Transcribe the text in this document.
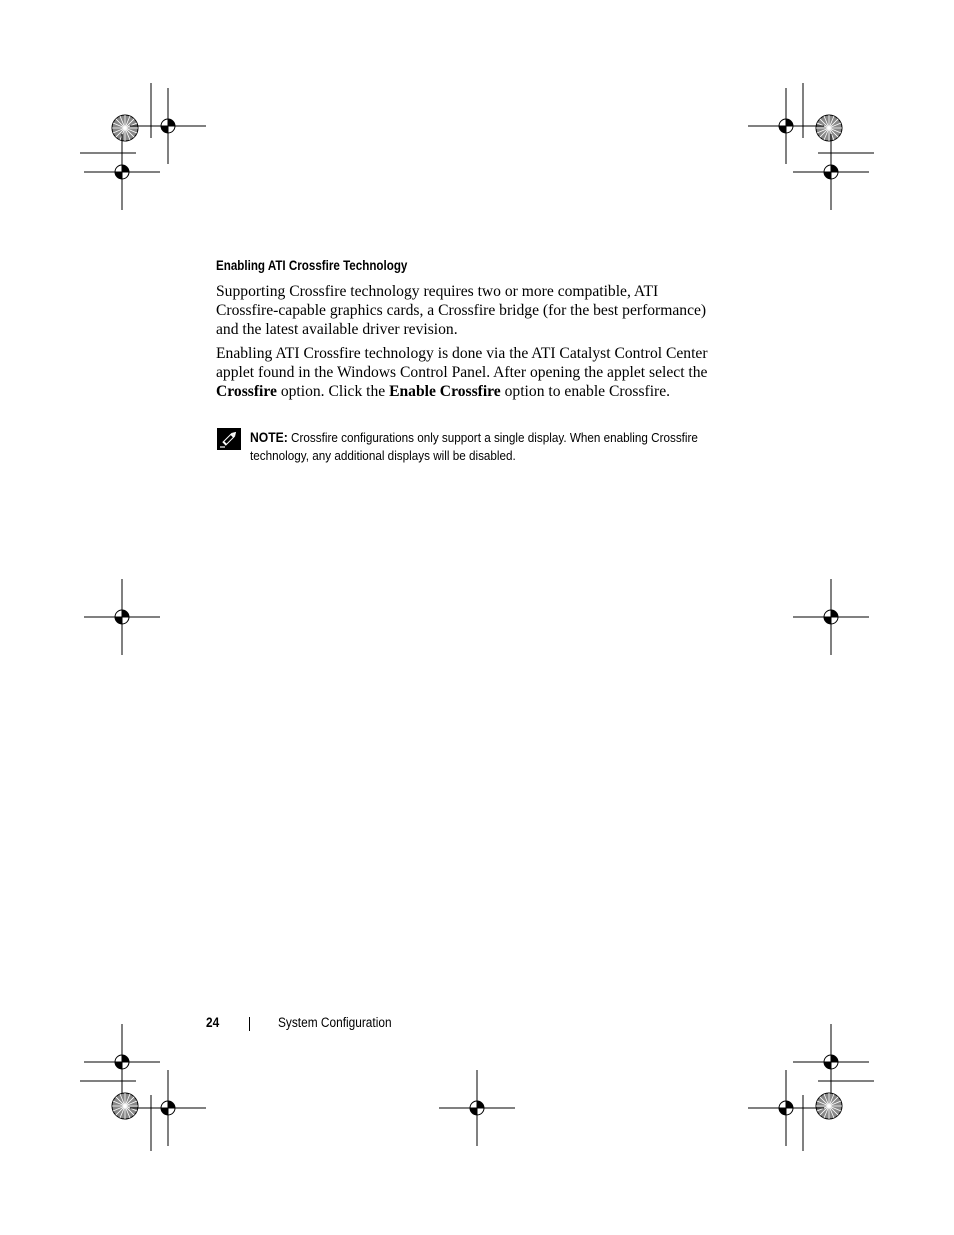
Enabling ATI Crossfire Technology

Supporting Crossfire technology requires two or more compatible, ATI Crossfire-capable graphics cards, a Crossfire bridge (for the best performance) and the latest available driver revision.

Enabling ATI Crossfire technology is done via the ATI Catalyst Control Center applet found in the Windows Control Panel. After opening the applet select the Crossfire option. Click the Enable Crossfire option to enable Crossfire.

NOTE: Crossfire configurations only support a single display. When enabling Crossfire technology, any additional displays will be disabled.

24	System Configuration
